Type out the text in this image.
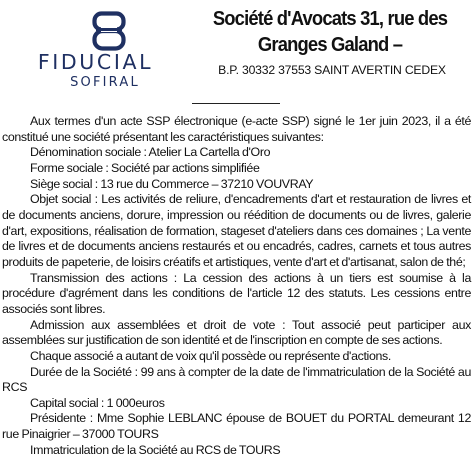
FIDUCIAL
SOFIRAL
Société d'Avocats 31, rue des
Granges Galand –
B.P. 30332 37553 SAINT AVERTIN CEDEX

Aux termes d'un acte SSP électronique (e-acte SSP) signé le 1er juin 2023, il a été constitué une société présentant les caractéristiques suivantes:

Dénomination sociale : Atelier La Cartella d'Oro

Forme sociale : Société par actions simplifiée

Siège social : 13 rue du Commerce – 37210 VOUVRAY

Objet social : Les activités de reliure, d'encadrements d'art et restauration de livres et de documents anciens, dorure, impression ou réédition de documents ou de livres, galerie d'art, expositions, réalisation de formation, stageset d'ateliers dans ces domaines ; La vente de livres et de documents anciens restaurés et ou encadrés, cadres, carnets et tous autres produits de papeterie, de loisirs créatifs et artistiques, vente d'art et d'artisanat, salon de thé;

Transmission des actions : La cession des actions à un tiers est soumise à la procédure d'agrément dans les conditions de l'article 12 des statuts. Les cessions entre associés sont libres.

Admission aux assemblées et droit de vote : Tout associé peut participer aux assemblées sur justification de son identité et de l'inscription en compte de ses actions.

Chaque associé a autant de voix qu'il possède ou représente d'actions.

Durée de la Société : 99 ans à compter de la date de l'immatriculation de la Société au RCS

Capital social : 1 000euros

Présidente : Mme Sophie LEBLANC épouse de BOUET du PORTAL demeurant 12 rue Pinaigrier – 37000 TOURS

Immatriculation de la Société au RCS de TOURS
